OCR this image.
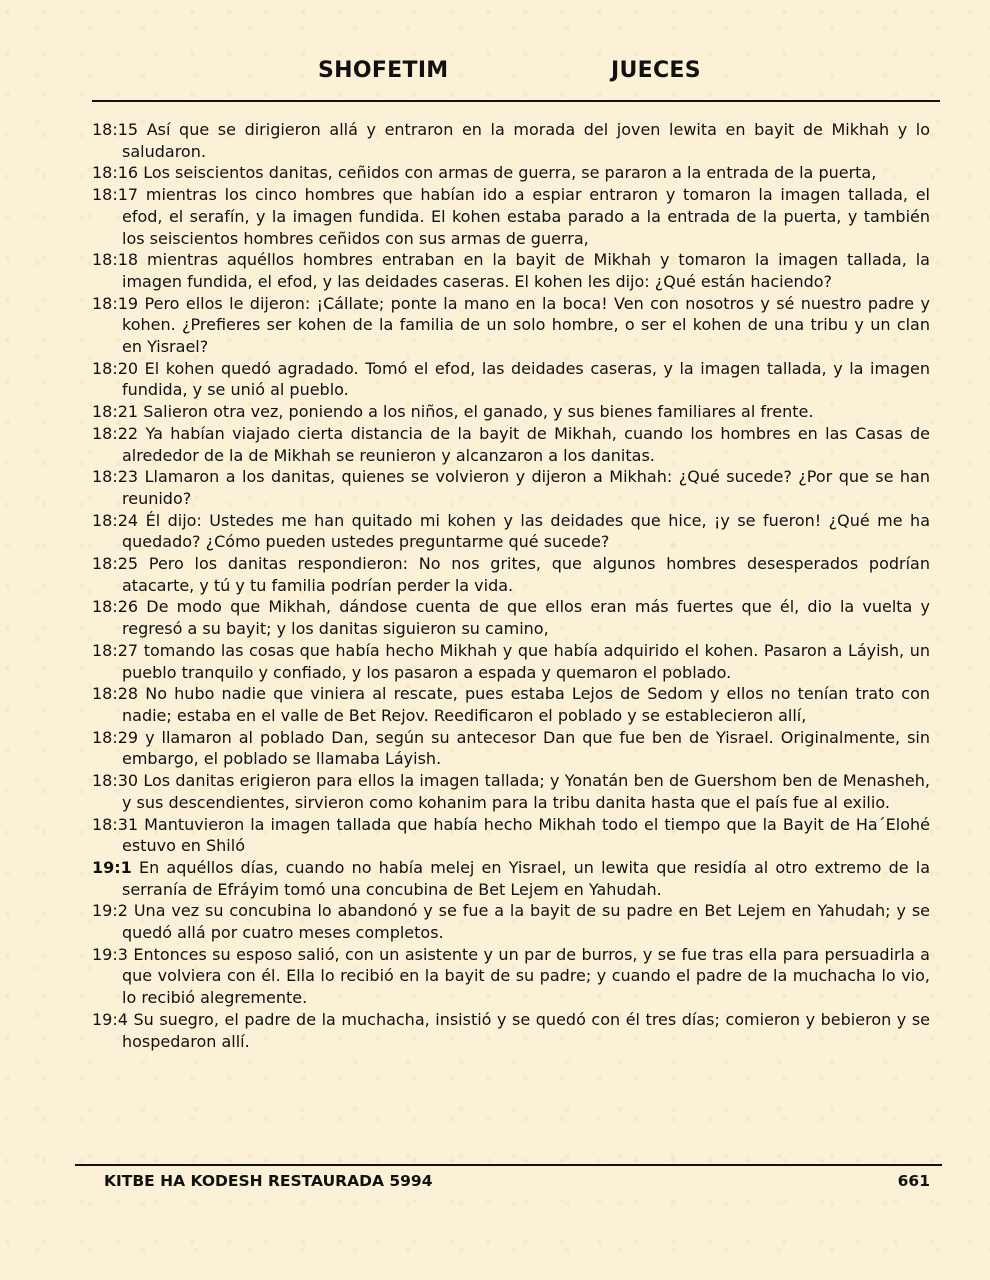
SHOFETIM	JUECES
18:15 Así que se dirigieron allá y entraron en la morada del joven lewita en bayit de Mikhah y lo saludaron.
18:16 Los seiscientos danitas, ceñidos con armas de guerra, se pararon a la entrada de la puerta,
18:17 mientras los cinco hombres que habían ido a espiar entraron y tomaron la imagen tallada, el efod, el serafín, y la imagen fundida. El kohen estaba parado a la entrada de la puerta, y también los seiscientos hombres ceñidos con sus armas de guerra,
18:18 mientras aquéllos hombres entraban en la bayit de Mikhah y tomaron la imagen tallada, la imagen fundida, el efod, y las deidades caseras. El kohen les dijo: ¿Qué están haciendo?
18:19 Pero ellos le dijeron: ¡Cállate; ponte la mano en la boca! Ven con nosotros y sé nuestro padre y kohen. ¿Prefieres ser kohen de la familia de un solo hombre, o ser el kohen de una tribu y un clan en Yisrael?
18:20 El kohen quedó agradado. Tomó el efod, las deidades caseras, y la imagen tallada, y la imagen fundida, y se unió al pueblo.
18:21 Salieron otra vez, poniendo a los niños, el ganado, y sus bienes familiares al frente.
18:22 Ya habían viajado cierta distancia de la bayit de Mikhah, cuando los hombres en las Casas de alrededor de la de Mikhah se reunieron y alcanzaron a los danitas.
18:23 Llamaron a los danitas, quienes se volvieron y dijeron a Mikhah: ¿Qué sucede? ¿Por que se han reunido?
18:24 Él dijo: Ustedes me han quitado mi kohen y las deidades que hice, ¡y se fueron! ¿Qué me ha quedado? ¿Cómo pueden ustedes preguntarme qué sucede?
18:25 Pero los danitas respondieron: No nos grites, que algunos hombres desesperados podrían atacarte, y tú y tu familia podrían perder la vida.
18:26 De modo que Mikhah, dándose cuenta de que ellos eran más fuertes que él, dio la vuelta y regresó a su bayit; y los danitas siguieron su camino,
18:27 tomando las cosas que había hecho Mikhah y que había adquirido el kohen. Pasaron a Láyish, un pueblo tranquilo y confiado, y los pasaron a espada y quemaron el poblado.
18:28 No hubo nadie que viniera al rescate, pues estaba Lejos de Sedom y ellos no tenían trato con nadie; estaba en el valle de Bet Rejov. Reedificaron el poblado y se establecieron allí,
18:29 y llamaron al poblado Dan, según su antecesor Dan que fue ben de Yisrael. Originalmente, sin embargo, el poblado se llamaba Láyish.
18:30 Los danitas erigieron para ellos la imagen tallada; y Yonatán ben de Guershom ben de Menasheh, y sus descendientes, sirvieron como kohanim para la tribu danita hasta que el país fue al exilio.
18:31 Mantuvieron la imagen tallada que había hecho Mikhah todo el tiempo que la Bayit de Ha´Elohé estuvo en Shiló
19:1 En aquéllos días, cuando no había melej en Yisrael, un lewita que residía al otro extremo de la serranía de Efráyim tomó una concubina de Bet Lejem en Yahudah.
19:2 Una vez su concubina lo abandonó y se fue a la bayit de su padre en Bet Lejem en Yahudah; y se quedó allá por cuatro meses completos.
19:3 Entonces su esposo salió, con un asistente y un par de burros, y se fue tras ella para persuadirla a que volviera con él. Ella lo recibió en la bayit de su padre; y cuando el padre de la muchacha lo vio, lo recibió alegremente.
19:4 Su suegro, el padre de la muchacha, insistió y se quedó con él tres días; comieron y bebieron y se hospedaron allí.
KITBE HA KODESH RESTAURADA 5994	661
